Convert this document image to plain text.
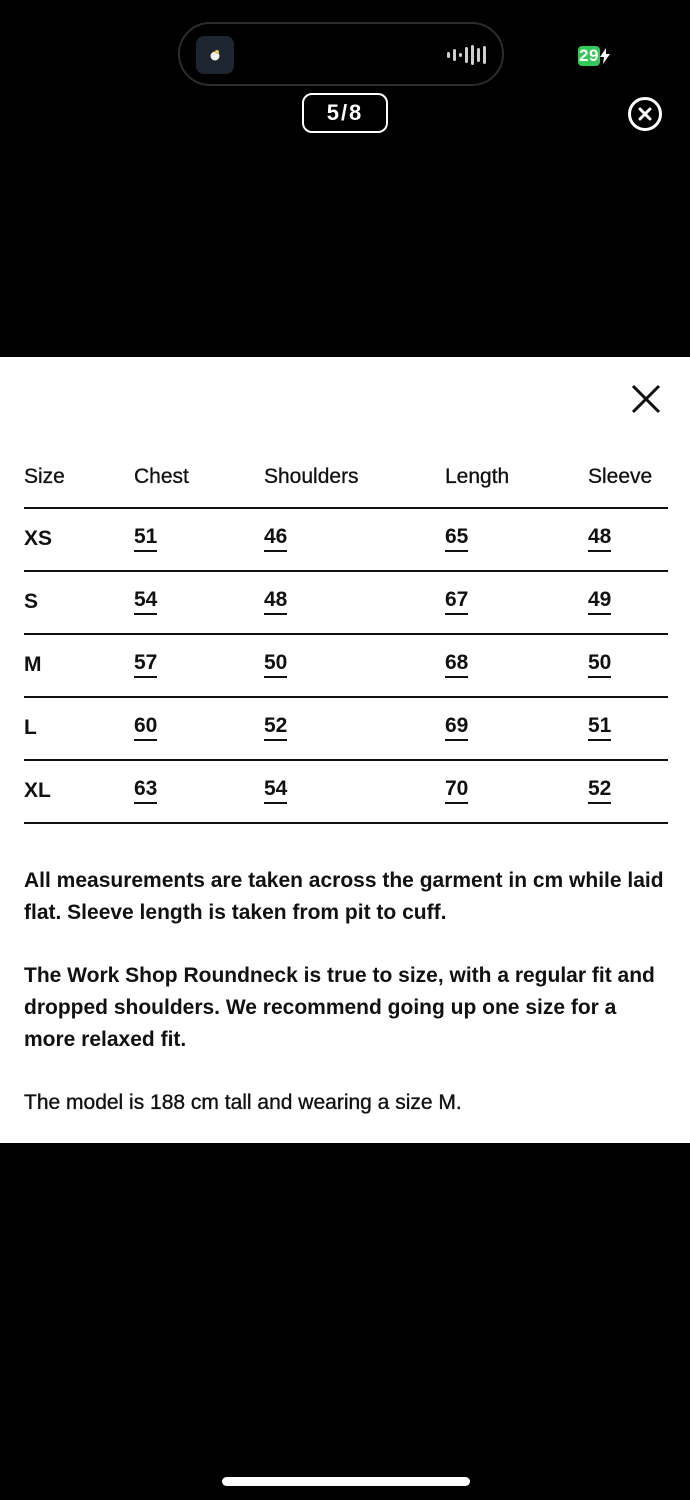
29
5/8
Size	Chest	Shoulders	Length	Sleeve
XS	51	46	65	48
S	54	48	67	49
M	57	50	68	50
L	60	52	69	51
XL	63	54	70	52

All measurements are taken across the garment in cm while laid flat. Sleeve length is taken from pit to cuff.

The Work Shop Roundneck is true to size, with a regular fit and dropped shoulders. We recommend going up one size for a more relaxed fit.

The model is 188 cm tall and wearing a size M.
